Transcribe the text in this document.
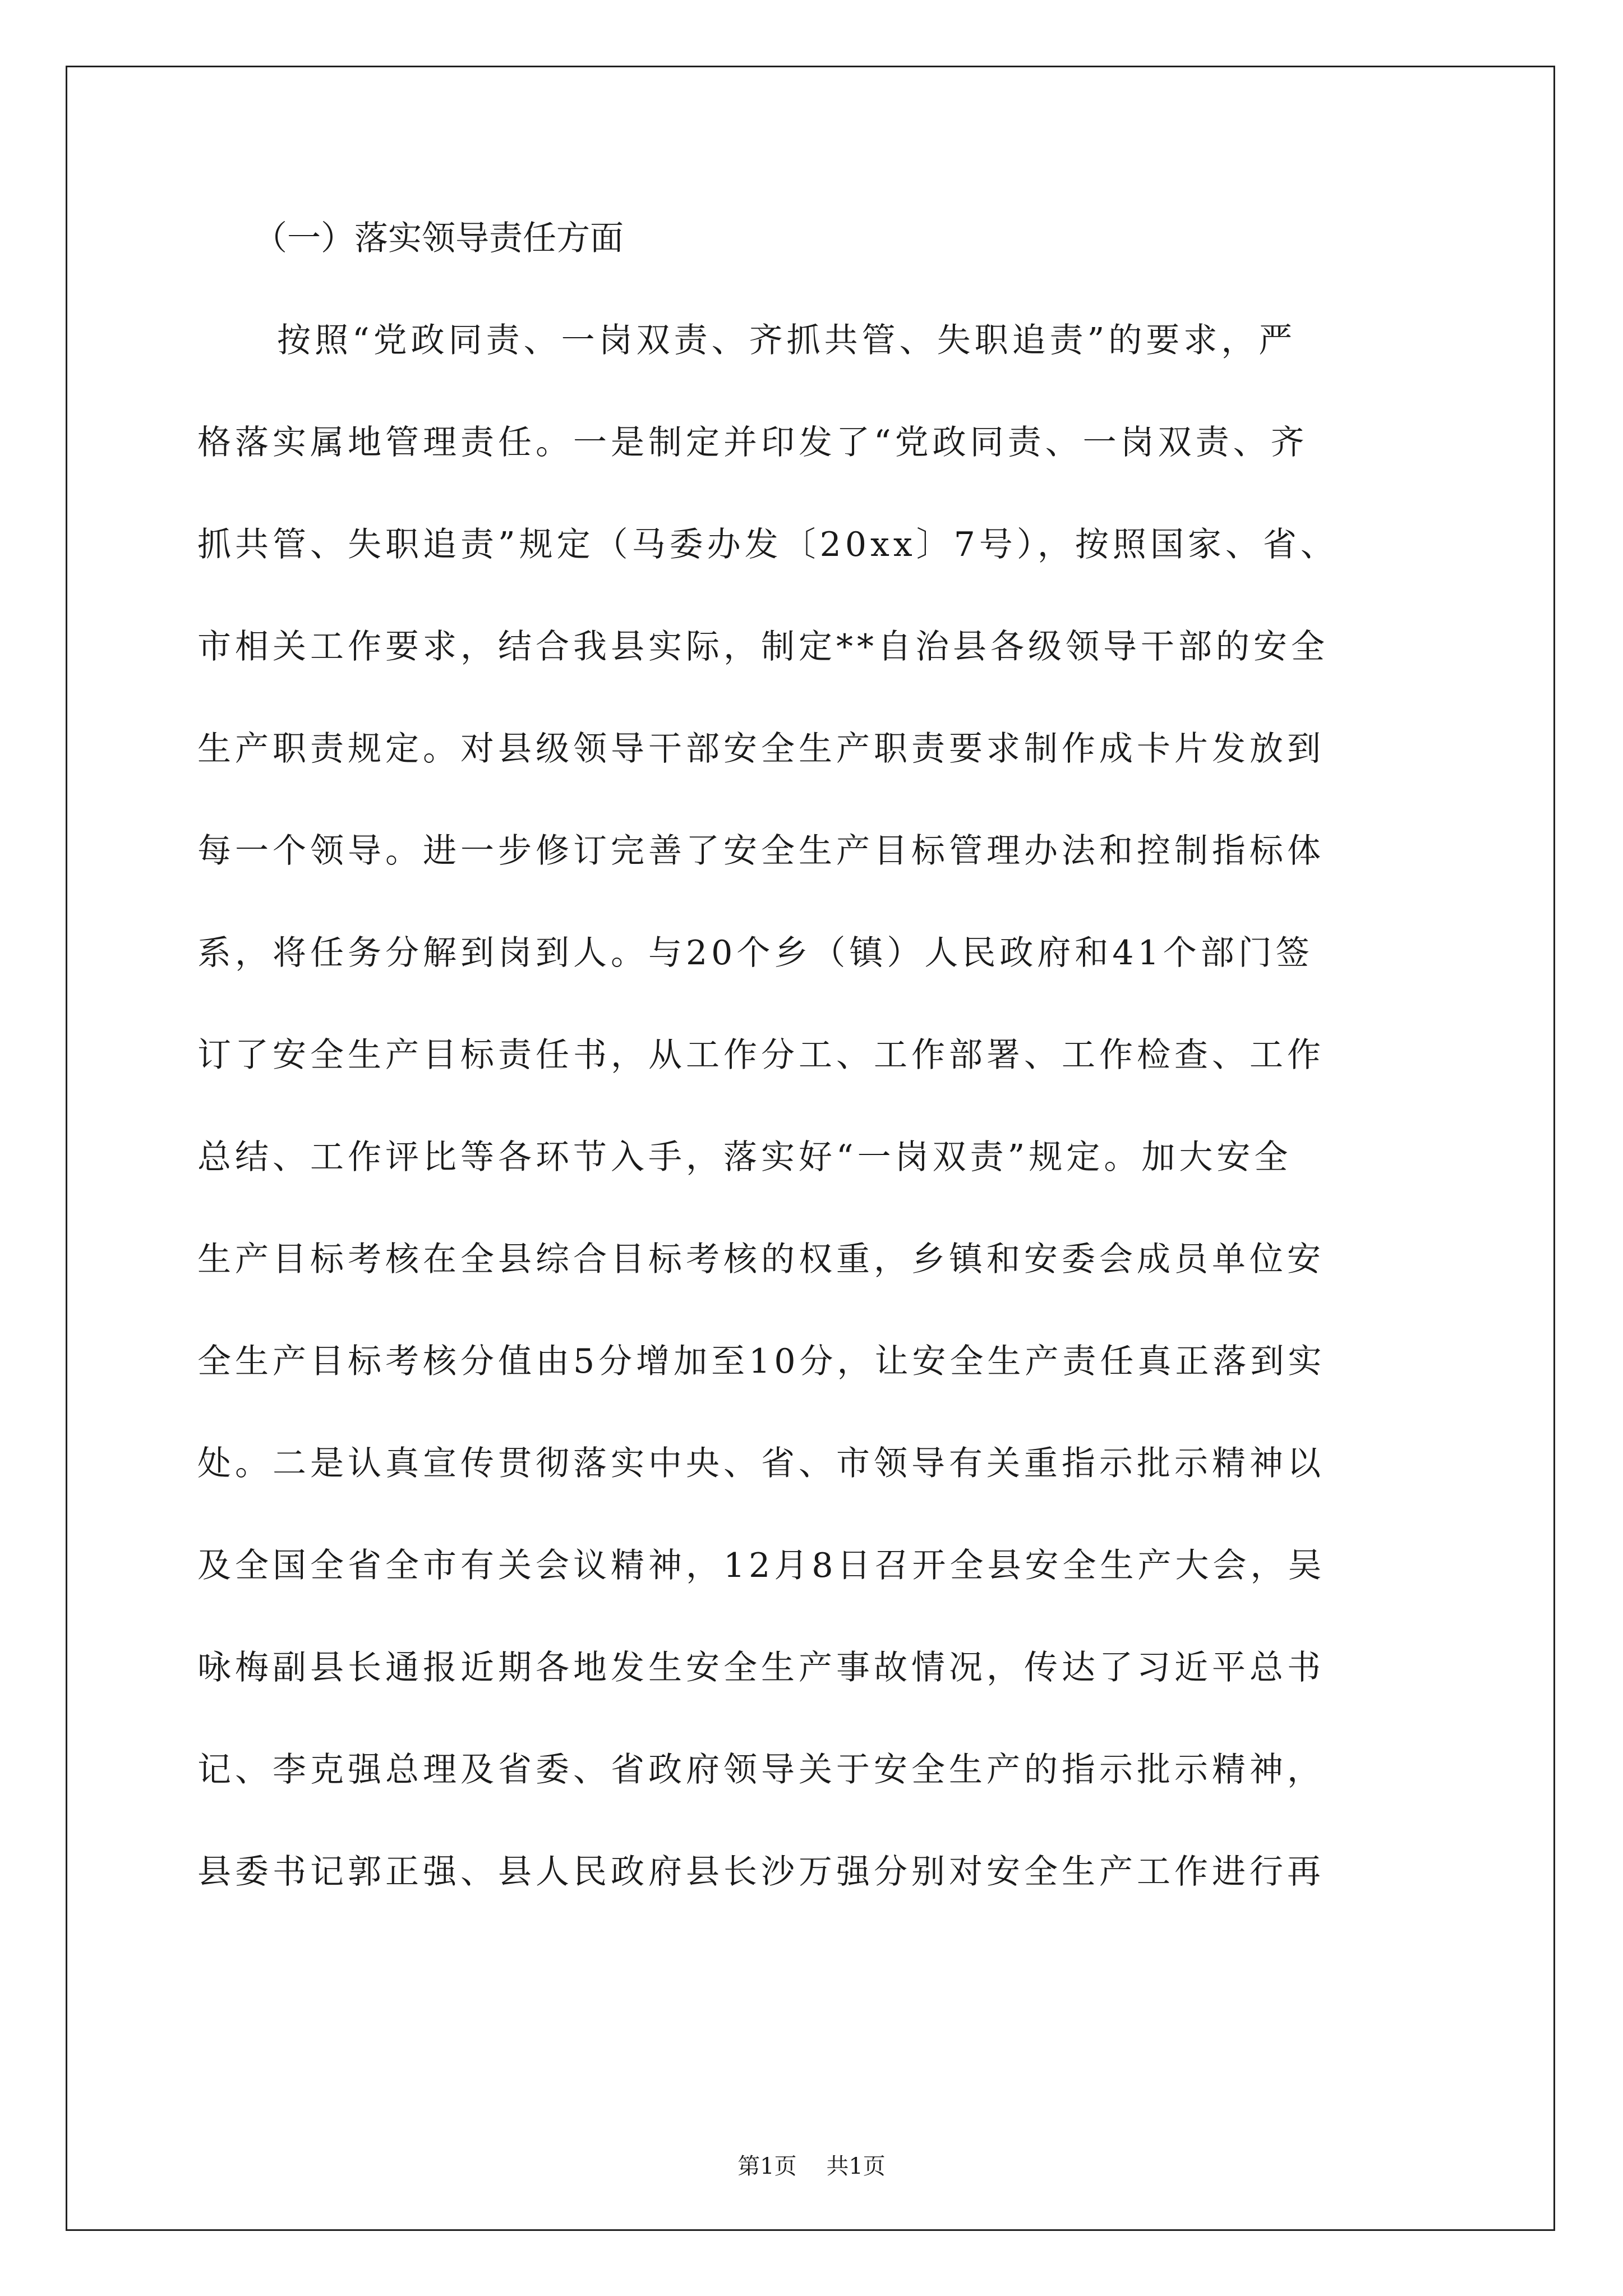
（一）落实领导责任方面
按照“党政同责、一岗双责、齐抓共管、失职追责”的要求，严
格落实属地管理责任。一是制定并印发了“党政同责、一岗双责、齐
抓共管、失职追责”规定（马委办发〔20xx〕7号），按照国家、省、
市相关工作要求，结合我县实际，制定**自治县各级领导干部的安全
生产职责规定。对县级领导干部安全生产职责要求制作成卡片发放到
每一个领导。进一步修订完善了安全生产目标管理办法和控制指标体
系，将任务分解到岗到人。与20个乡（镇）人民政府和41个部门签
订了安全生产目标责任书，从工作分工、工作部署、工作检查、工作
总结、工作评比等各环节入手，落实好“一岗双责”规定。加大安全
生产目标考核在全县综合目标考核的权重，乡镇和安委会成员单位安
全生产目标考核分值由5分增加至10分，让安全生产责任真正落到实
处。二是认真宣传贯彻落实中央、省、市领导有关重指示批示精神以
及全国全省全市有关会议精神，12月8日召开全县安全生产大会，吴
咏梅副县长通报近期各地发生安全生产事故情况，传达了习近平总书
记、李克强总理及省委、省政府领导关于安全生产的指示批示精神，
县委书记郭正强、县人民政府县长沙万强分别对安全生产工作进行再
第1页 共1页
